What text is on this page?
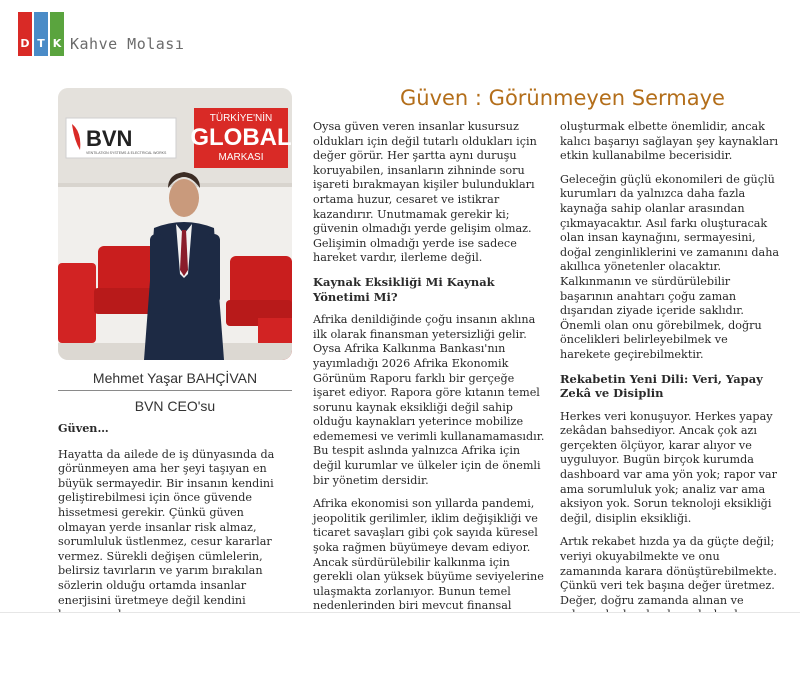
D T K Kahve Molası
Güven : Görünmeyen Sermaye
BVN
VENTILATION SYSTEMS & ELECTRICAL WORKS
TÜRKİYE'NİN
GLOBAL
MARKASI
Mehmet Yaşar BAHÇİVAN
BVN CEO'su

Güven…

Hayatta da ailede de iş dünyasında da görünmeyen ama her şeyi taşıyan en büyük sermayedir. Bir insanın kendini geliştirebilmesi için önce güvende hissetmesi gerekir. Çünkü güven olmayan yerde insanlar risk almaz, sorumluluk üstlenmez, cesur kararlar vermez. Sürekli değişen cümlelerin, belirsiz tavırların ve yarım bırakılan sözlerin olduğu ortamda insanlar enerjisini üretmeye değil kendini

Oysa güven veren insanlar kusursuz oldukları için değil tutarlı oldukları için değer görür. Her şartta aynı duruşu koruyabilen, insanların zihninde soru işareti bırakmayan kişiler bulundukları ortama huzur, cesaret ve istikrar kazandırır. Unutmamak gerekir ki; güvenin olmadığı yerde gelişim olmaz. Gelişimin olmadığı yerde ise sadece hareket vardır, ilerleme değil.

Kaynak Eksikliği Mi Kaynak Yönetimi Mi?

Afrika denildiğinde çoğu insanın aklına ilk olarak finansman yetersizliği gelir. Oysa Afrika Kalkınma Bankası'nın yayımladığı 2026 Afrika Ekonomik Görünüm Raporu farklı bir gerçeğe işaret ediyor. Rapora göre kıtanın temel sorunu kaynak eksikliği değil sahip olduğu kaynakları yeterince mobilize edememesi ve verimli kullanamamasıdır. Bu tespit aslında yalnızca Afrika için değil kurumlar ve ülkeler için de önemli bir yönetim dersidir.

Afrika ekonomisi son yıllarda pandemi, jeopolitik gerilimler, iklim değişikliği ve ticaret savaşları gibi çok sayıda küresel şoka rağmen büyümeye devam ediyor. Ancak sürdürülebilir kalkınma için gerekli olan yüksek büyüme seviyelerine ulaşmakta zorlanıyor. Bunun temel nedenlerinden biri mevcut finansal

oluşturmak elbette önemlidir, ancak kalıcı başarıyı sağlayan şey kaynakları etkin kullanabilme becerisidir.

Geleceğin güçlü ekonomileri de güçlü kurumları da yalnızca daha fazla kaynağa sahip olanlar arasından çıkmayacaktır. Asıl farkı oluşturacak olan insan kaynağını, sermayesini, doğal zenginliklerini ve zamanını daha akıllıca yönetenler olacaktır. Kalkınmanın ve sürdürülebilir başarının anahtarı çoğu zaman dışarıdan ziyade içeride saklıdır. Önemli olan onu görebilmek, doğru öncelikleri belirleyebilmek ve harekete geçirebilmektir.

Rekabetin Yeni Dili: Veri, Yapay Zekâ ve Disiplin

Herkes veri konuşuyor. Herkes yapay zekâdan bahsediyor. Ancak çok azı gerçekten ölçüyor, karar alıyor ve uyguluyor. Bugün birçok kurumda dashboard var ama yön yok; rapor var ama sorumluluk yok; analiz var ama aksiyon yok. Sorun teknoloji eksikliği değil, disiplin eksikliği.

Artık rekabet hızda ya da güçte değil; veriyi okuyabilmekte ve onu zamanında karara dönüştürebilmekte. Çünkü veri tek başına değer üretmez. Değer, doğru zamanda alınan ve
